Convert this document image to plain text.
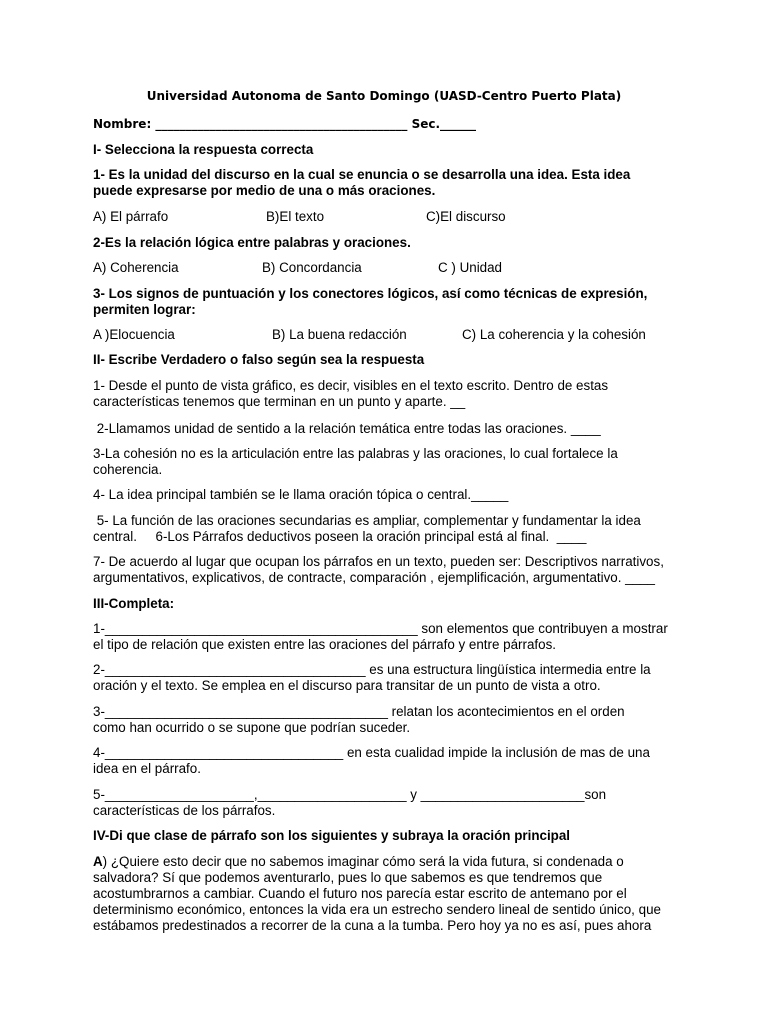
Universidad Autonoma de Santo Domingo (UASD-Centro Puerto Plata)
Nombre: __________________________________________ Sec.______
I- Selecciona la respuesta correcta
1- Es la unidad del discurso en la cual se enuncia o se desarrolla una idea. Esta idea
puede expresarse por medio de una o más oraciones.
A) El párrafo	B)El texto	C)El discurso
2-Es la relación lógica entre palabras y oraciones.
A) Coherencia	B) Concordancia	C ) Unidad
3- Los signos de puntuación y los conectores lógicos, así como técnicas de expresión,
permiten lograr:
A )Elocuencia	B) La buena redacción	C) La coherencia y la cohesión
II- Escribe Verdadero o falso según sea la respuesta
1- Desde el punto de vista gráfico, es decir, visibles en el texto escrito. Dentro de estas
características tenemos que terminan en un punto y aparte. __
2-Llamamos unidad de sentido a la relación temática entre todas las oraciones. ____
3-La cohesión no es la articulación entre las palabras y las oraciones, lo cual fortalece la
coherencia.
4- La idea principal también se le llama oración tópica o central._____
5- La función de las oraciones secundarias es ampliar, complementar y fundamentar la idea
central.     6-Los Párrafos deductivos poseen la oración principal está al final.  ____
7- De acuerdo al lugar que ocupan los párrafos en un texto, pueden ser: Descriptivos narrativos,
argumentativos, explicativos, de contracte, comparación , ejemplificación, argumentativo. ____
III-Completa:
1-__________________________________________ son elementos que contribuyen a mostrar
el tipo de relación que existen entre las oraciones del párrafo y entre párrafos.
2-___________________________________ es una estructura lingüística intermedia entre la
oración y el texto. Se emplea en el discurso para transitar de un punto de vista a otro.
3-______________________________________ relatan los acontecimientos en el orden
como han ocurrido o se supone que podrían suceder.
4-________________________________ en esta cualidad impide la inclusión de mas de una
idea en el párrafo.
5-____________________,____________________ y ______________________son
características de los párrafos.
IV-Di que clase de párrafo son los siguientes y subraya la oración principal
A) ¿Quiere esto decir que no sabemos imaginar cómo será la vida futura, si condenada o
salvadora? Sí que podemos aventurarlo, pues lo que sabemos es que tendremos que
acostumbrarnos a cambiar. Cuando el futuro nos parecía estar escrito de antemano por el
determinismo económico, entonces la vida era un estrecho sendero lineal de sentido único, que
estábamos predestinados a recorrer de la cuna a la tumba. Pero hoy ya no es así, pues ahora
